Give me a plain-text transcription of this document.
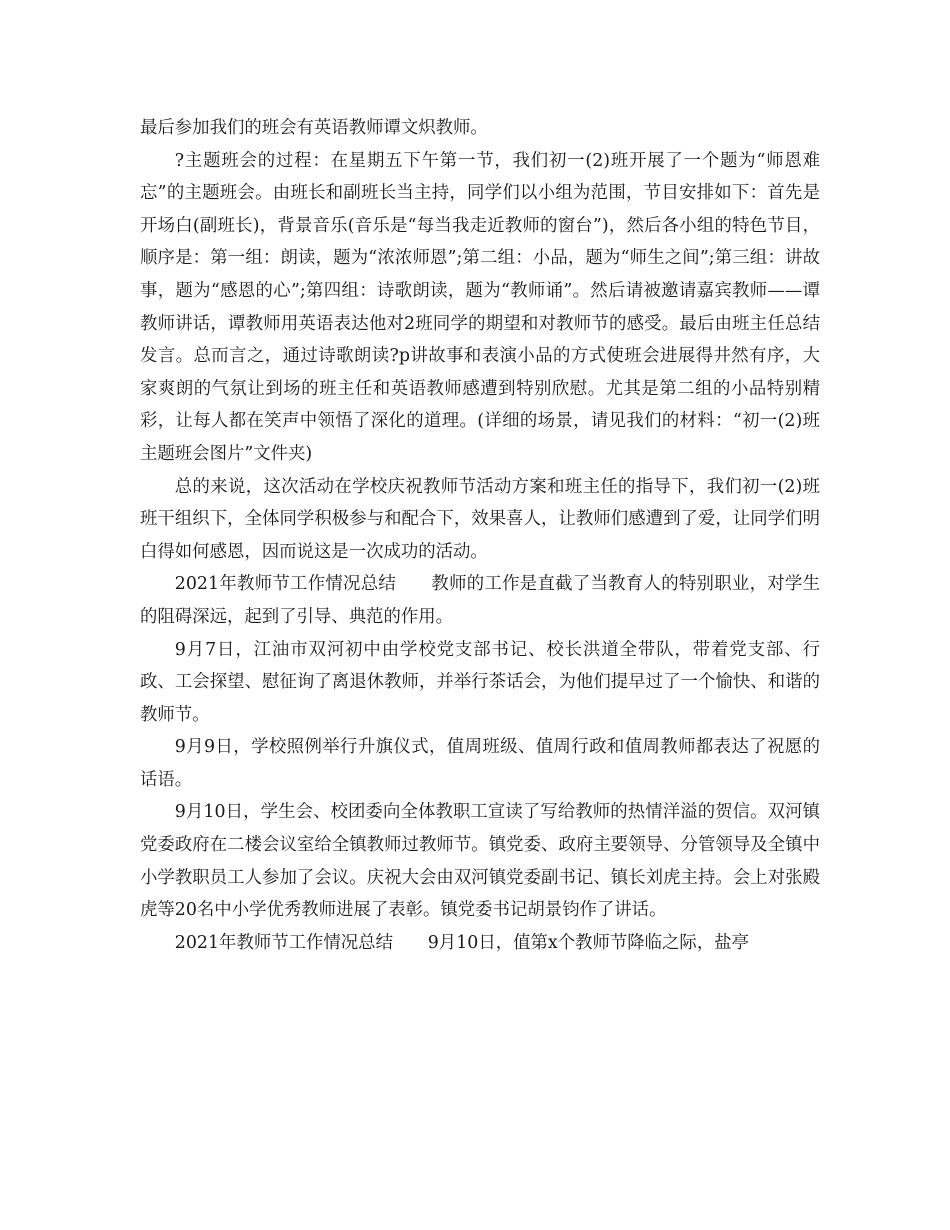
最后参加我们的班会有英语教师谭文炽教师。

?主题班会的过程：在星期五下午第一节，我们初一(2)班开展了一个题为“师恩难忘”的主题班会。由班长和副班长当主持，同学们以小组为范围，节目安排如下：首先是开场白(副班长)，背景音乐(音乐是“每当我走近教师的窗台”)，然后各小组的特色节目，顺序是：第一组：朗读，题为“浓浓师恩”;第二组：小品，题为“师生之间”;第三组：讲故事，题为“感恩的心”;第四组：诗歌朗读，题为“教师诵”。然后请被邀请嘉宾教师——谭教师讲话，谭教师用英语表达他对2班同学的期望和对教师节的感受。最后由班主任总结发言。总而言之，通过诗歌朗读?p讲故事和表演小品的方式使班会进展得井然有序，大家爽朗的气氛让到场的班主任和英语教师感遭到特别欣慰。尤其是第二组的小品特别精彩，让每人都在笑声中领悟了深化的道理。(详细的场景，请见我们的材料：“初一(2)班主题班会图片”文件夹)

总的来说，这次活动在学校庆祝教师节活动方案和班主任的指导下，我们初一(2)班班干组织下，全体同学积极参与和配合下，效果喜人，让教师们感遭到了爱，让同学们明白得如何感恩，因而说这是一次成功的活动。

2021年教师节工作情况总结　　教师的工作是直截了当教育人的特别职业，对学生的阻碍深远，起到了引导、典范的作用。

9月7日，江油市双河初中由学校党支部书记、校长洪道全带队，带着党支部、行政、工会探望、慰征询了离退休教师，并举行茶话会，为他们提早过了一个愉快、和谐的教师节。

9月9日，学校照例举行升旗仪式，值周班级、值周行政和值周教师都表达了祝愿的话语。

9月10日，学生会、校团委向全体教职工宣读了写给教师的热情洋溢的贺信。双河镇党委政府在二楼会议室给全镇教师过教师节。镇党委、政府主要领导、分管领导及全镇中小学教职员工人参加了会议。庆祝大会由双河镇党委副书记、镇长刘虎主持。会上对张殿虎等20名中小学优秀教师进展了表彰。镇党委书记胡景钧作了讲话。

2021年教师节工作情况总结　　9月10日，值第x个教师节降临之际，盐亭
